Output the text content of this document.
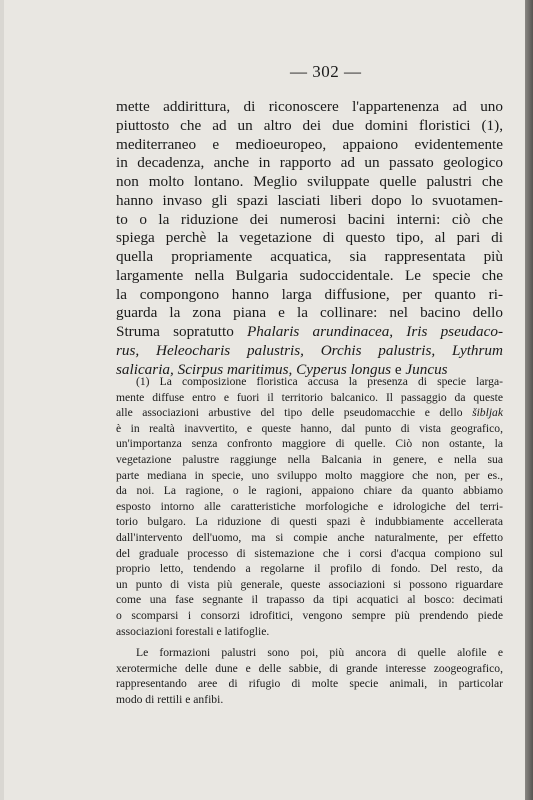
— 302 —
mette addirittura, di riconoscere l'appartenenza ad uno
piuttosto che ad un altro dei due domini floristici (1),
mediterraneo e medioeuropeo, appaiono evidentemente
in decadenza, anche in rapporto ad un passato geologico
non molto lontano. Meglio sviluppate quelle palustri che
hanno invaso gli spazi lasciati liberi dopo lo svuotamen-
to o la riduzione dei numerosi bacini interni: ciò che
spiega perchè la vegetazione di questo tipo, al pari di
quella propriamente acquatica, sia rappresentata più
largamente nella Bulgaria sudoccidentale. Le specie che
la compongono hanno larga diffusione, per quanto ri-
guarda la zona piana e la collinare: nel bacino dello
Struma sopratutto Phalaris arundinacea, Iris pseudaco-
rus, Heleocharis palustris, Orchis palustris, Lythrum
salicaria, Scirpus maritimus, Cyperus longus e Juncus
(1) La composizione floristica accusa la presenza di specie larga-
mente diffuse entro e fuori il territorio balcanico. Il passaggio da queste
alle associazioni arbustive del tipo delle pseudomacchie e dello šibljak
è in realtà inavvertito, e queste hanno, dal punto di vista geografico,
un'importanza senza confronto maggiore di quelle. Ciò non ostante, la
vegetazione palustre raggiunge nella Balcania in genere, e nella sua
parte mediana in specie, uno sviluppo molto maggiore che non, per es.,
da noi. La ragione, o le ragioni, appaiono chiare da quanto abbiamo
esposto intorno alle caratteristiche morfologiche e idrologiche del terri-
torio bulgaro. La riduzione di questi spazi è indubbiamente accellerata
dall'intervento dell'uomo, ma si compie anche naturalmente, per effetto
del graduale processo di sistemazione che i corsi d'acqua compiono sul
proprio letto, tendendo a regolarne il profilo di fondo. Del resto, da
un punto di vista più generale, queste associazioni si possono riguardare
come una fase segnante il trapasso da tipi acquatici al bosco: decimati
o scomparsi i consorzi idrofitici, vengono sempre più prendendo piede
associazioni forestali e latifoglie.
Le formazioni palustri sono poi, più ancora di quelle alofile e
xerotermiche delle dune e delle sabbie, di grande interesse zoogeografico,
rappresentando aree di rifugio di molte specie animali, in particolar
modo di rettili e anfibi.
